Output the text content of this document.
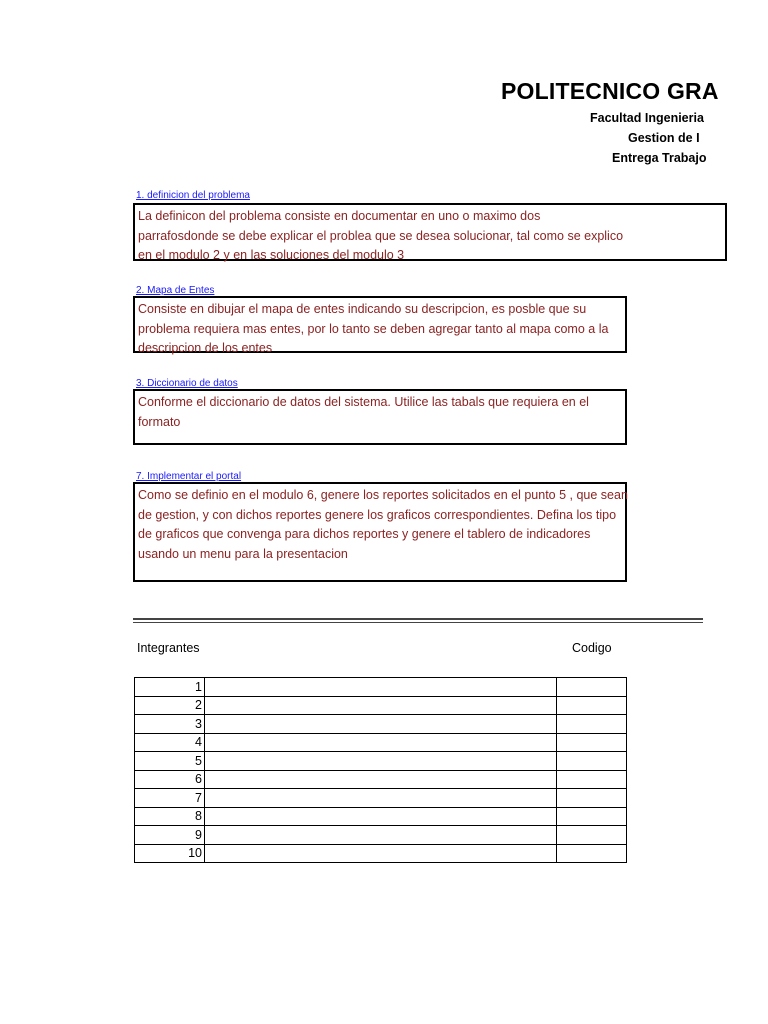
POLITECNICO GRA
Facultad Ingenieria
Gestion de I
Entrega Trabajo
1. definicion del problema
La definicon del problema consiste en documentar en uno o maximo dos
parrafosdonde se debe explicar el problea que se desea solucionar, tal como se explico
en el modulo 2 y en las soluciones del modulo 3
2. Mapa de Entes
Consiste en dibujar el mapa de entes indicando su descripcion, es posble que su
problema requiera mas entes, por lo tanto se deben agregar tanto al mapa como a la
descripcion de los entes
3. Diccionario de datos
Conforme el diccionario de datos del sistema. Utilice las tabals que requiera en el
formato
7. Implementar el portal
Como se definio en el modulo 6, genere los reportes solicitados en el punto 5 , que sean
de gestion, y con dichos reportes genere los graficos correspondientes. Defina los tipo
de graficos que convenga para dichos reportes y genere el tablero de indicadores
usando un menu para la presentacion
Integrantes	Codigo
1		
2		
3		
4		
5		
6		
7		
8		
9		
10		
